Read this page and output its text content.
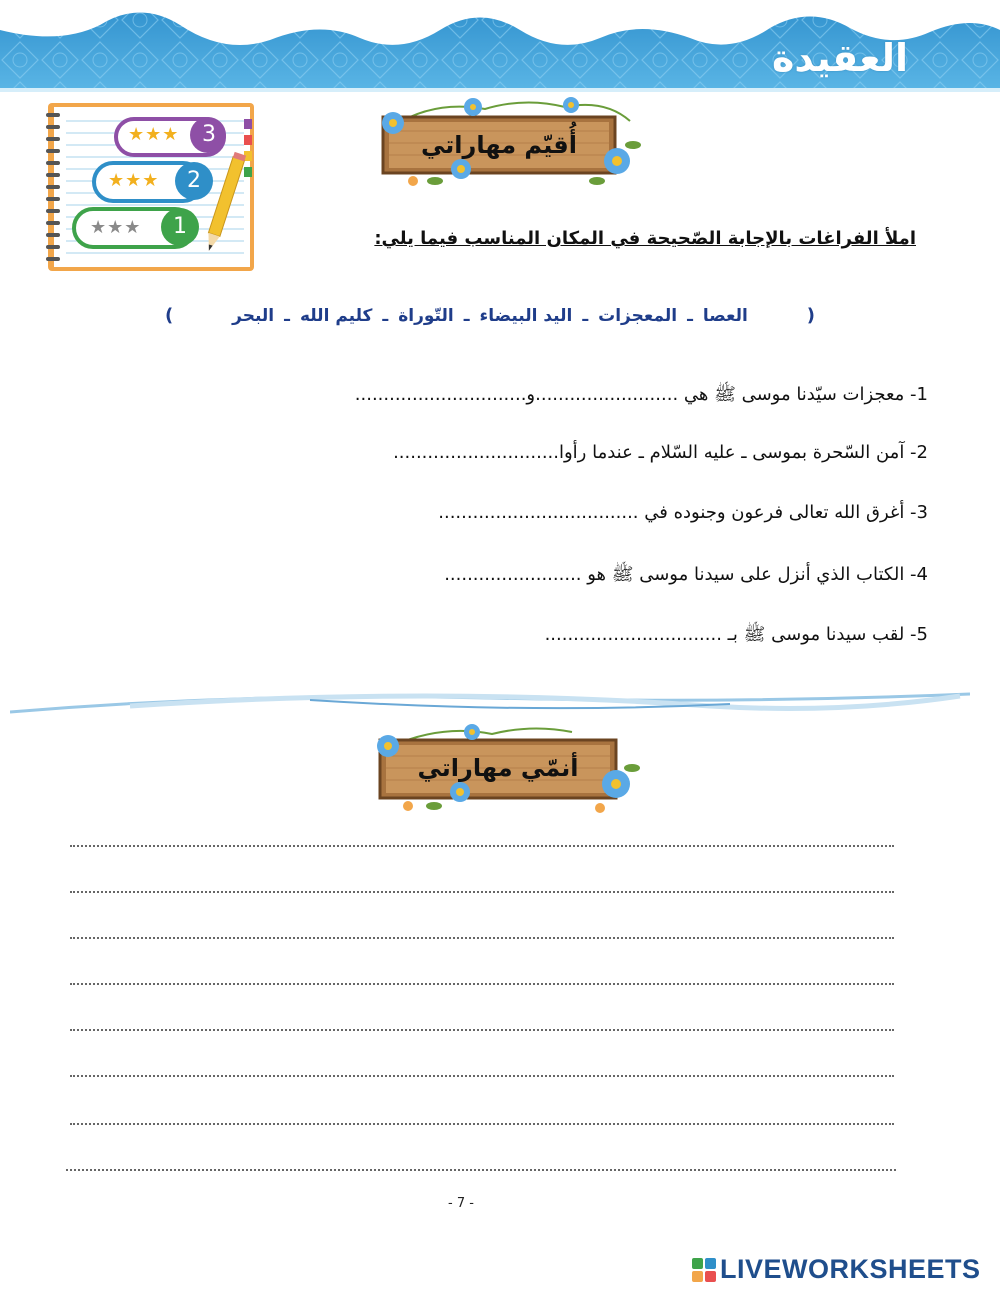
العقيدة
★★★ 3
★★★ 2
★★★ 1
أُقيّم مهاراتي
املأ الفراغات بالإجابة الصّحيحة في المكان المناسب فيما يلي:
(
العصا
ـ
المعجزات
ـ
اليد البيضاء
ـ
التّوراة
ـ
كليم الله
ـ
البحر
)
1- معجزات سيّدنا موسى ﷺ هي .........................و..............................
2- آمن السّحرة بموسى ـ عليه السّلام ـ عندما رأوا.............................
3- أغرق الله تعالى فرعون وجنوده في ...................................
4- الكتاب الذي أنزل على سيدنا موسى ﷺ هو ........................
5- لقب سيدنا موسى ﷺ بـ ...............................
أنمّي مهاراتي
- 7 -
LIVEWORKSHEETS
